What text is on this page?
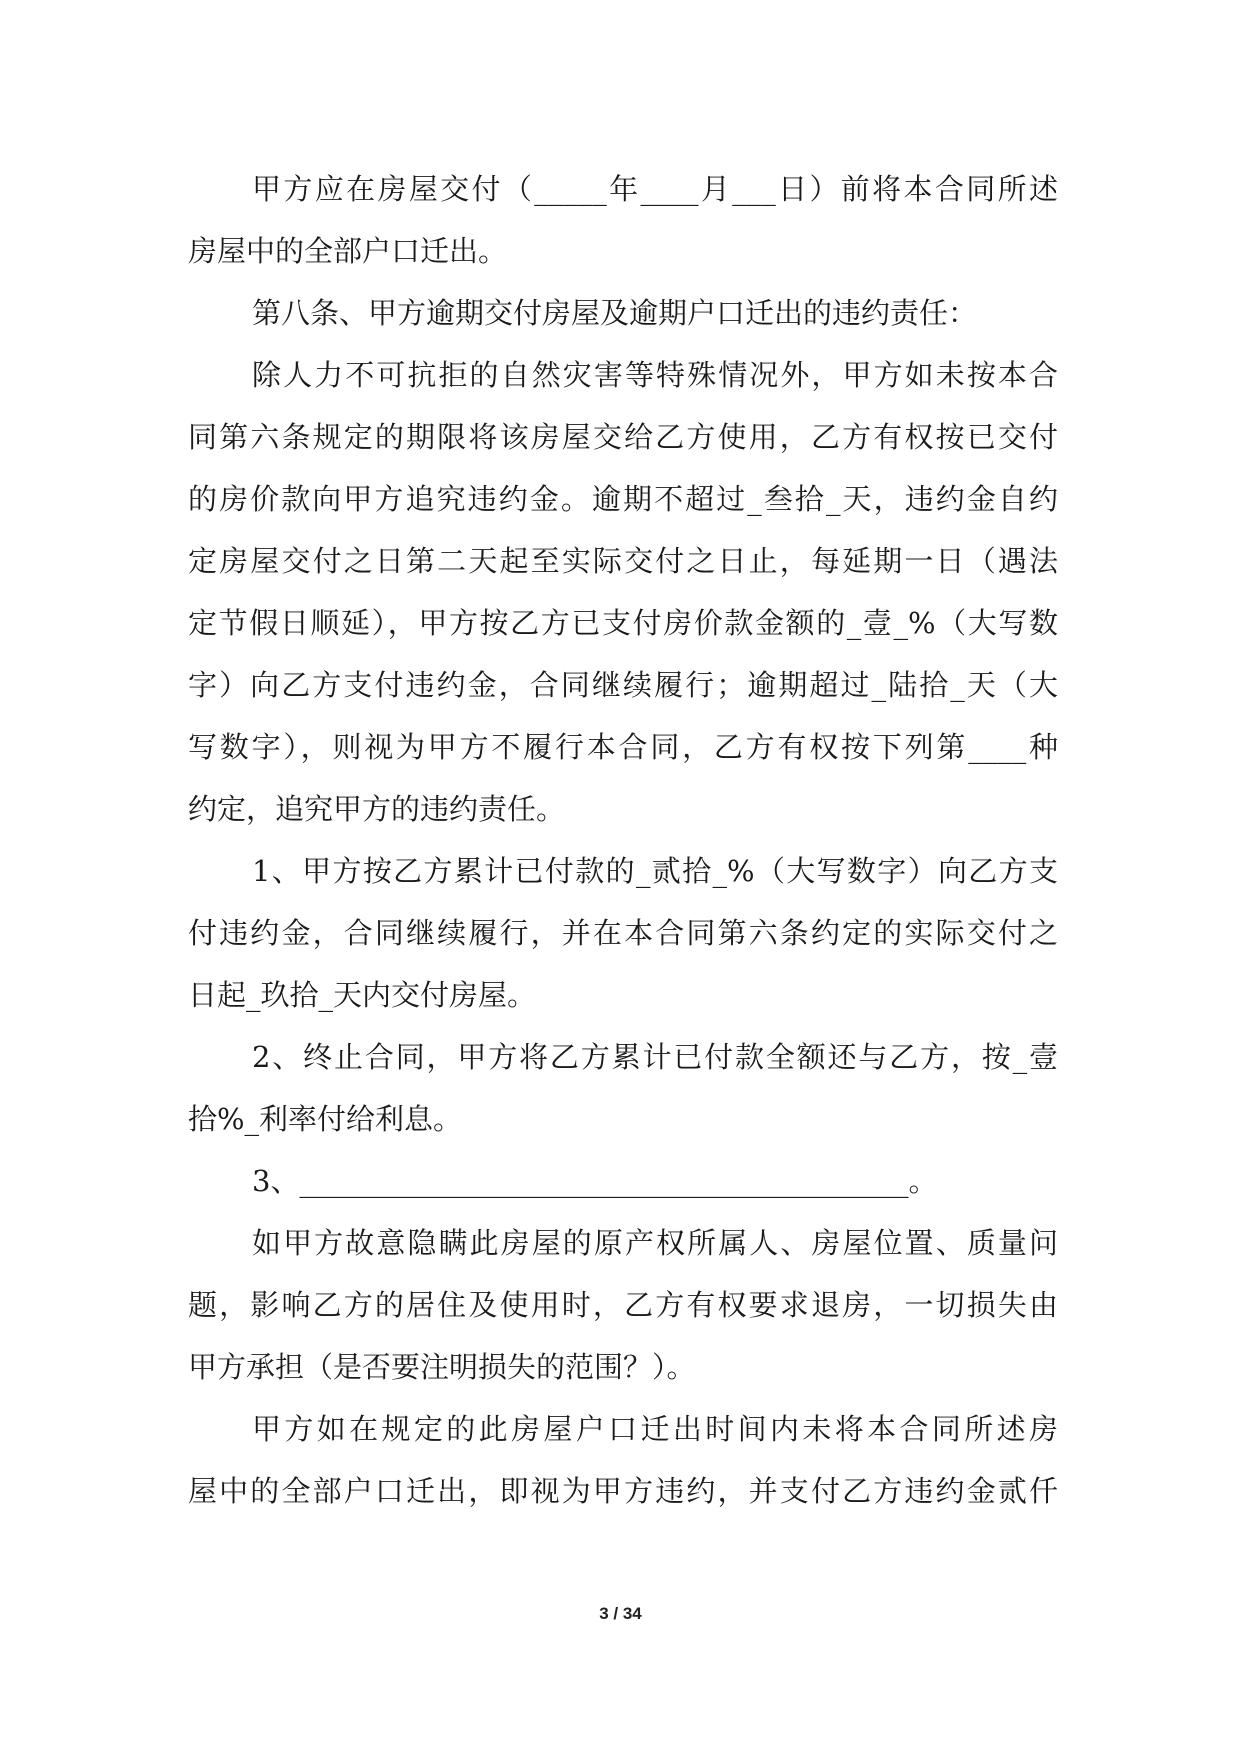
甲方应在房屋交付（_____年____月___日）前将本合同所述
房屋中的全部户口迁出。
第八条、甲方逾期交付房屋及逾期户口迁出的违约责任：
除人力不可抗拒的自然灾害等特殊情况外，甲方如未按本合
同第六条规定的期限将该房屋交给乙方使用，乙方有权按已交付
的房价款向甲方追究违约金。逾期不超过_叁拾_天，违约金自约
定房屋交付之日第二天起至实际交付之日止，每延期一日（遇法
定节假日顺延），甲方按乙方已支付房价款金额的_壹_%（大写数
字）向乙方支付违约金，合同继续履行；逾期超过_陆拾_天（大
写数字），则视为甲方不履行本合同，乙方有权按下列第____种
约定，追究甲方的违约责任。
1、甲方按乙方累计已付款的_贰拾_%（大写数字）向乙方支
付违约金，合同继续履行，并在本合同第六条约定的实际交付之
日起_玖拾_天内交付房屋。
2、终止合同，甲方将乙方累计已付款全额还与乙方，按_壹
拾%_利率付给利息。
3、__________________________________________。
如甲方故意隐瞒此房屋的原产权所属人、房屋位置、质量问
题，影响乙方的居住及使用时，乙方有权要求退房，一切损失由
甲方承担（是否要注明损失的范围？）。
甲方如在规定的此房屋户口迁出时间内未将本合同所述房
屋中的全部户口迁出，即视为甲方违约，并支付乙方违约金贰仟
3 / 34
